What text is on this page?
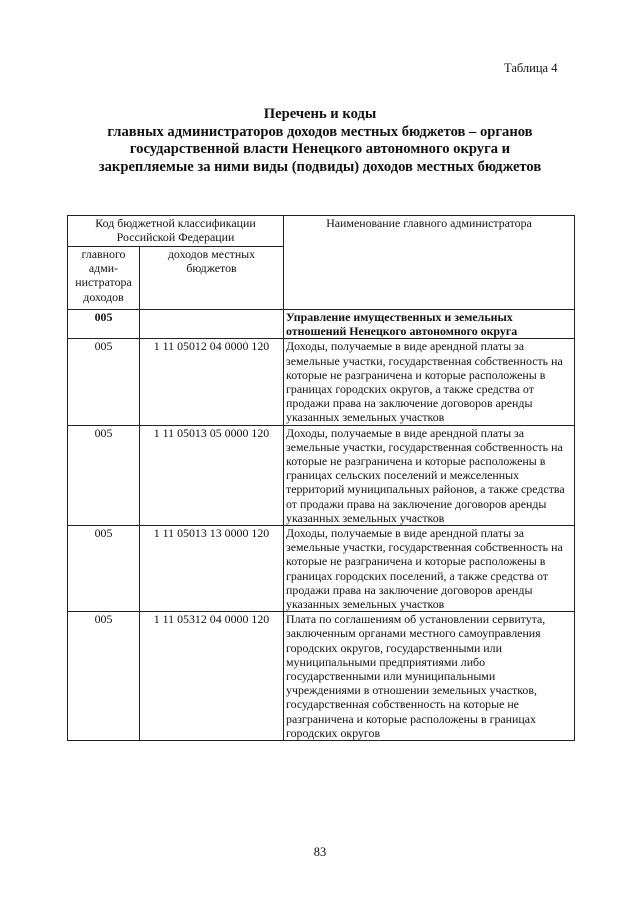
Таблица 4
Перечень и коды
главных администраторов доходов местных бюджетов – органов
государственной власти Ненецкого автономного округа и
закрепляемые за ними виды (подвиды) доходов местных бюджетов
Код бюджетной классификации Российской Федерации		Наименование главного администратора
главного адми-нистратора доходов	доходов местных бюджетов	
005		Управление имущественных и земельных отношений Ненецкого автономного округа
005	1 11 05012 04 0000 120	Доходы, получаемые в виде арендной платы за земельные участки, государственная собственность на которые не разграничена и которые расположены в границах городских округов, а также средства от продажи права на заключение договоров аренды указанных земельных участков
005	1 11 05013 05 0000 120	Доходы, получаемые в виде арендной платы за земельные участки, государственная собственность на которые не разграничена и которые расположены в границах сельских поселений и межселенных территорий муниципальных районов, а также средства от продажи права на заключение договоров аренды указанных земельных участков
005	1 11 05013 13 0000 120	Доходы, получаемые в виде арендной платы за земельные участки, государственная собственность на которые не разграничена и которые расположены в границах городских поселений, а также средства от продажи права на заключение договоров аренды указанных земельных участков
005	1 11 05312 04 0000 120	Плата по соглашениям об установлении сервитута, заключенным органами местного самоуправления городских округов, государственными или муниципальными предприятиями либо государственными или муниципальными учреждениями в отношении земельных участков, государственная собственность на которые не разграничена и которые расположены в границах городских округов
83
